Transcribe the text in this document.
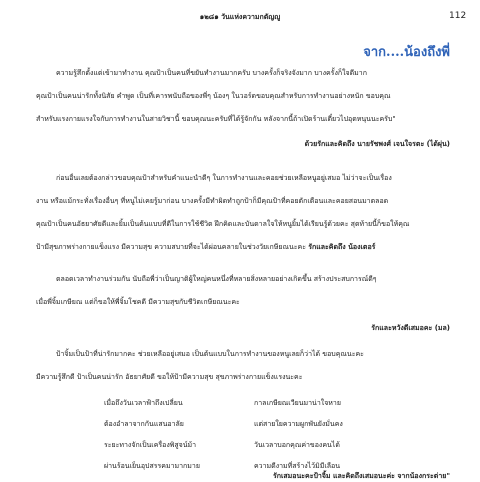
๑๒๘๑ วันแห่งความกตัญญู	112
จาก....น้องถึงพี่

ความรู้สึกตั้งแต่เข้ามาทำงาน คุณป้าเป็นคนที่ขยันทำงานมากครับ บางครั้งก็จริงจังมาก บางครั้งก็ใจดีมาก

คุณป้าเป็นคนน่ารักทั้งนิสัย คำพูด เป็นที่เคารพนับถือของพี่ๆ น้องๆ ในวอร์ดขอบคุณสำหรับการทำงานอย่างหนัก ขอบคุณ

สำหรับแรงกายแรงใจกับการทำงานในสายวิชานี้ ขอบคุณนะครับที่ได้รู้จักกัน หลังจากนี้ถ้าเปิดร้านเตี๋ยวไปอุดหนุนนะครับ"

ด้วยรักและคิดถึง นายรัชพงศ์ เจนใจรตะ (ได้ผุ่น)

ก่อนอื่นเลยต้องกล่าวขอบคุณป้าสำหรับคำแนะนำดีๆ ในการทำงานและคอยช่วยเหลือหนูอยู่เสมอ ไม่ว่าจะเป็นเรื่อง

งาน หรือแม้กระทั่งเรื่องอื่นๆ ที่หนูไม่เคยรู้มาก่อน บางครั้งมีทำผิดทำถูกป้าก็มีคุณป้าที่คอยตักเตือนและคอยสอนมาตลอด

คุณป้าเป็นคนอัธยาศัยดีและยิ้มเป็นต้นแบบที่ดีในการใช้ชีวิต ฝึกคิดและบันดาลใจให้หนูยิ้มได้เรียนรู้ด้วยคะ สุดท้ายนี้ก็ขอให้คุณ

ป้ามีสุขภาพร่างกายแข็งแรง มีความสุข ความสบายที่จะได้ผ่อนคลายในช่วงวัยเกษียณนะคะ รักและคิดถึง น้องเตอร์

ตลอดเวลาทำงานร่วมกัน นับถือพี่ว่าเป็นญาติผู้ใหญ่คนหนึ่งที่หลายสิ่งหลายอย่างเกิดขึ้น สร้างประสบการณ์ดีๆ

เมื่อพี่จิ้มเกษียณ แต่ก็ขอให้พี่จิ้มโชคดี มีความสุขกับชีวิตเกษียณนะคะ

รักและหวังดีเสมอคะ (มล)

ป้าจิ้มเป็นป้าที่น่ารักมากคะ ช่วยเหลืออยู่เสมอ เป็นต้นแบบในการทำงานของหนูเลยก็ว่าได้ ขอบคุณนะคะ

มีความรู้สึกดี ป้าเป็นคนน่ารัก อัธยาศัยดี ขอให้ป้ามีความสุข สุขภาพร่างกายแข็งแรงนะคะ

เมื่อถึงวันเวลาฟ้าถึงเปลี่ยน	กาลเกษียณเวียนมาน่าใจหาย
ต้องอำลาจากกันแสนอาลัย	แต่สายใยความผูกพันยังมั่นคง
ระยะทางจักเป็นเครื่องพิสูจน์ม้า	วันเวลาบอกคุณค่าของคนได้
ผ่านร้อนเย็นอุปสรรคมามากมาย	ความดีงามที่สร้างไว้มิมีเลือน
รักเสมอนะคะป้าจิ้ม และคิดถึงเสมอนะค่ะ จากน้องกระต่าย"
